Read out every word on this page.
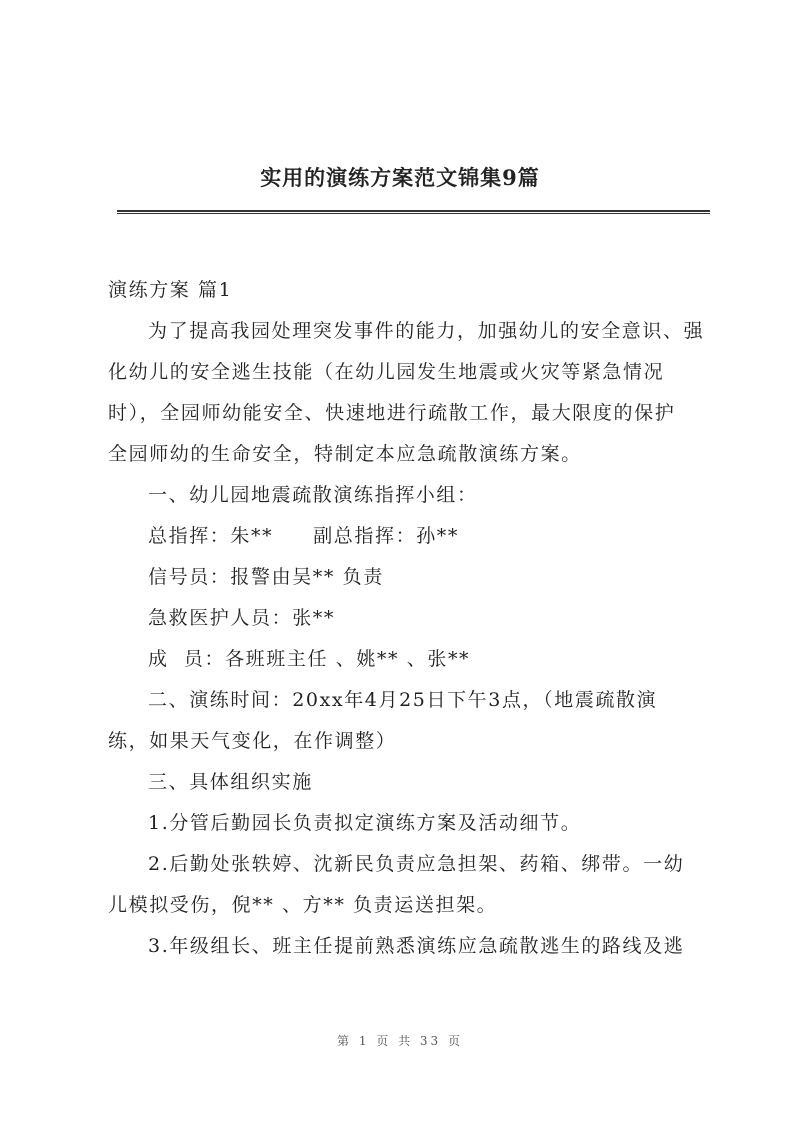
实用的演练方案范文锦集9篇
演练方案 篇1
为了提高我园处理突发事件的能力，加强幼儿的安全意识、强
化幼儿的安全逃生技能（在幼儿园发生地震或火灾等紧急情况
时），全园师幼能安全、快速地进行疏散工作，最大限度的保护
全园师幼的生命安全，特制定本应急疏散演练方案。
一、幼儿园地震疏散演练指挥小组：
总指挥：朱** 副总指挥：孙**
信号员：报警由吴** 负责
急救医护人员：张**
成  员：各班班主任 、姚** 、张**
二、演练时间：20xx年4月25日下午3点，（地震疏散演
练，如果天气变化，在作调整）
三、具体组织实施
1.分管后勤园长负责拟定演练方案及活动细节。
2.后勤处张轶婷、沈新民负责应急担架、药箱、绑带。一幼
儿模拟受伤，倪** 、方** 负责运送担架。
3.年级组长、班主任提前熟悉演练应急疏散逃生的路线及逃
第 1 页 共 33 页
